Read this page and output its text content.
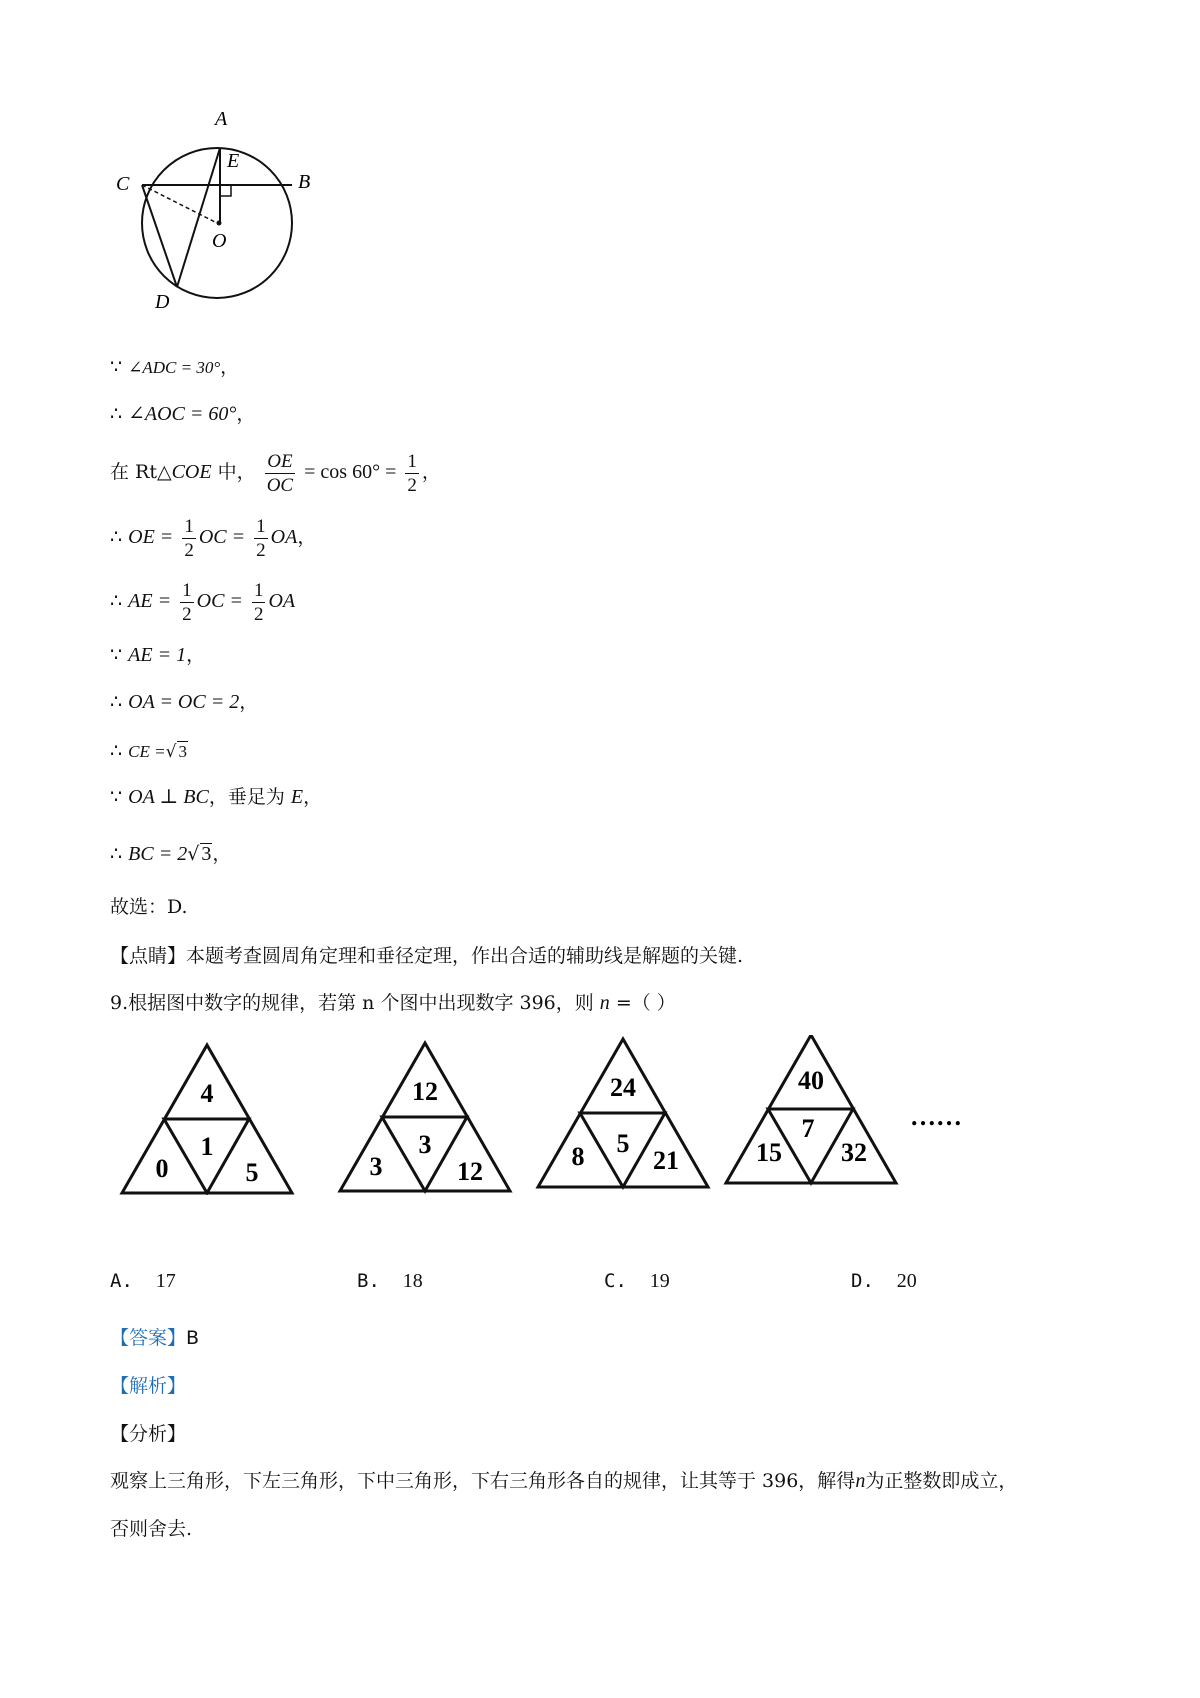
A
E
C	B
O
D
∵ ∠ADC = 30°，
∴ ∠AOC = 60°，
在 Rt△COE 中， $\frac{OE}{OC} = \cos 60^\circ = \frac{1}{2}$ ，
∴ OE = $\frac{1}{2}$ OC = $\frac{1}{2}$ OA，
∴ AE = $\frac{1}{2}$ OC = $\frac{1}{2}$ OA
∵ AE = 1，
∴ OA = OC = 2，
∴ CE =√ 3
∵ OA ⊥ BC，垂足为 E，
∴ BC = 2√ 3，
故选：D.
【点睛】本题考查圆周角定理和垂径定理，作出合适的辅助线是解题的关键.
9.根据图中数字的规律，若第 n 个图中出现数字 396，则 n =（ ）
4
0
1
5
12
3
3
12
24
8 5
21
40
15
7
32
……
A. 17	B. 18	C. 19	D. 20
【答案】B
【解析】
【分析】
观察上三角形，下左三角形，下中三角形，下右三角形各自的规律，让其等于 396，解得n为正整数即成立，
否则舍去.
